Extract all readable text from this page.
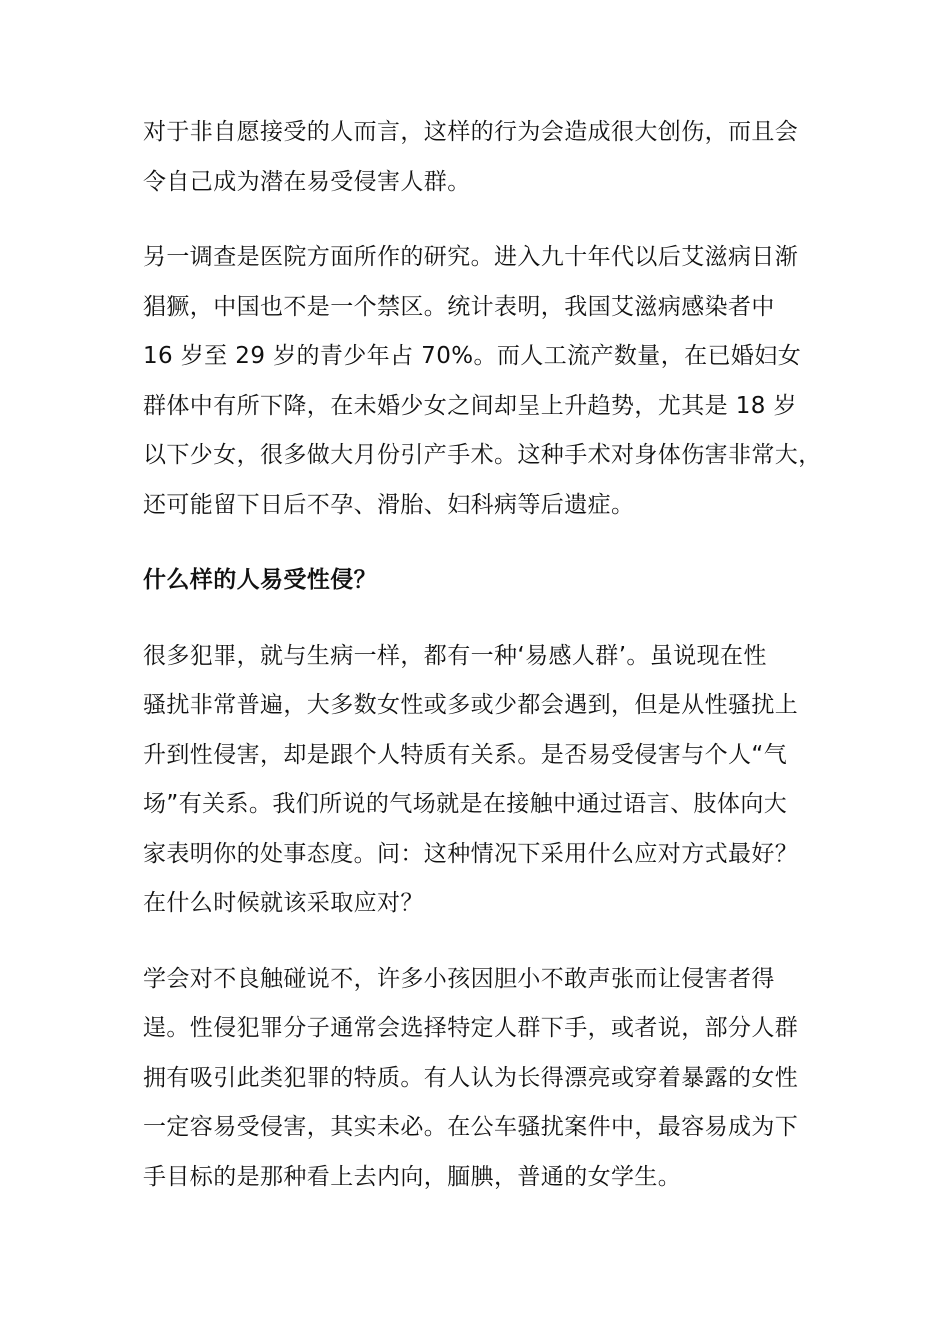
对于非自愿接受的人而言，这样的行为会造成很大创伤，而且会
令自己成为潜在易受侵害人群。
另一调查是医院方面所作的研究。进入九十年代以后艾滋病日渐
猖獗，中国也不是一个禁区。统计表明，我国艾滋病感染者中
16 岁至 29 岁的青少年占 70%。而人工流产数量，在已婚妇女
群体中有所下降，在未婚少女之间却呈上升趋势，尤其是 18 岁
以下少女，很多做大月份引产手术。这种手术对身体伤害非常大，
还可能留下日后不孕、滑胎、妇科病等后遗症。
什么样的人易受性侵？
很多犯罪，就与生病一样，都有一种‘易感人群’。虽说现在性
骚扰非常普遍，大多数女性或多或少都会遇到，但是从性骚扰上
升到性侵害，却是跟个人特质有关系。是否易受侵害与个人“气
场”有关系。我们所说的气场就是在接触中通过语言、肢体向大
家表明你的处事态度。问：这种情况下采用什么应对方式最好？
在什么时候就该采取应对？
学会对不良触碰说不，许多小孩因胆小不敢声张而让侵害者得
逞。性侵犯罪分子通常会选择特定人群下手，或者说，部分人群
拥有吸引此类犯罪的特质。有人认为长得漂亮或穿着暴露的女性
一定容易受侵害，其实未必。在公车骚扰案件中，最容易成为下
手目标的是那种看上去内向，腼腆，普通的女学生。
